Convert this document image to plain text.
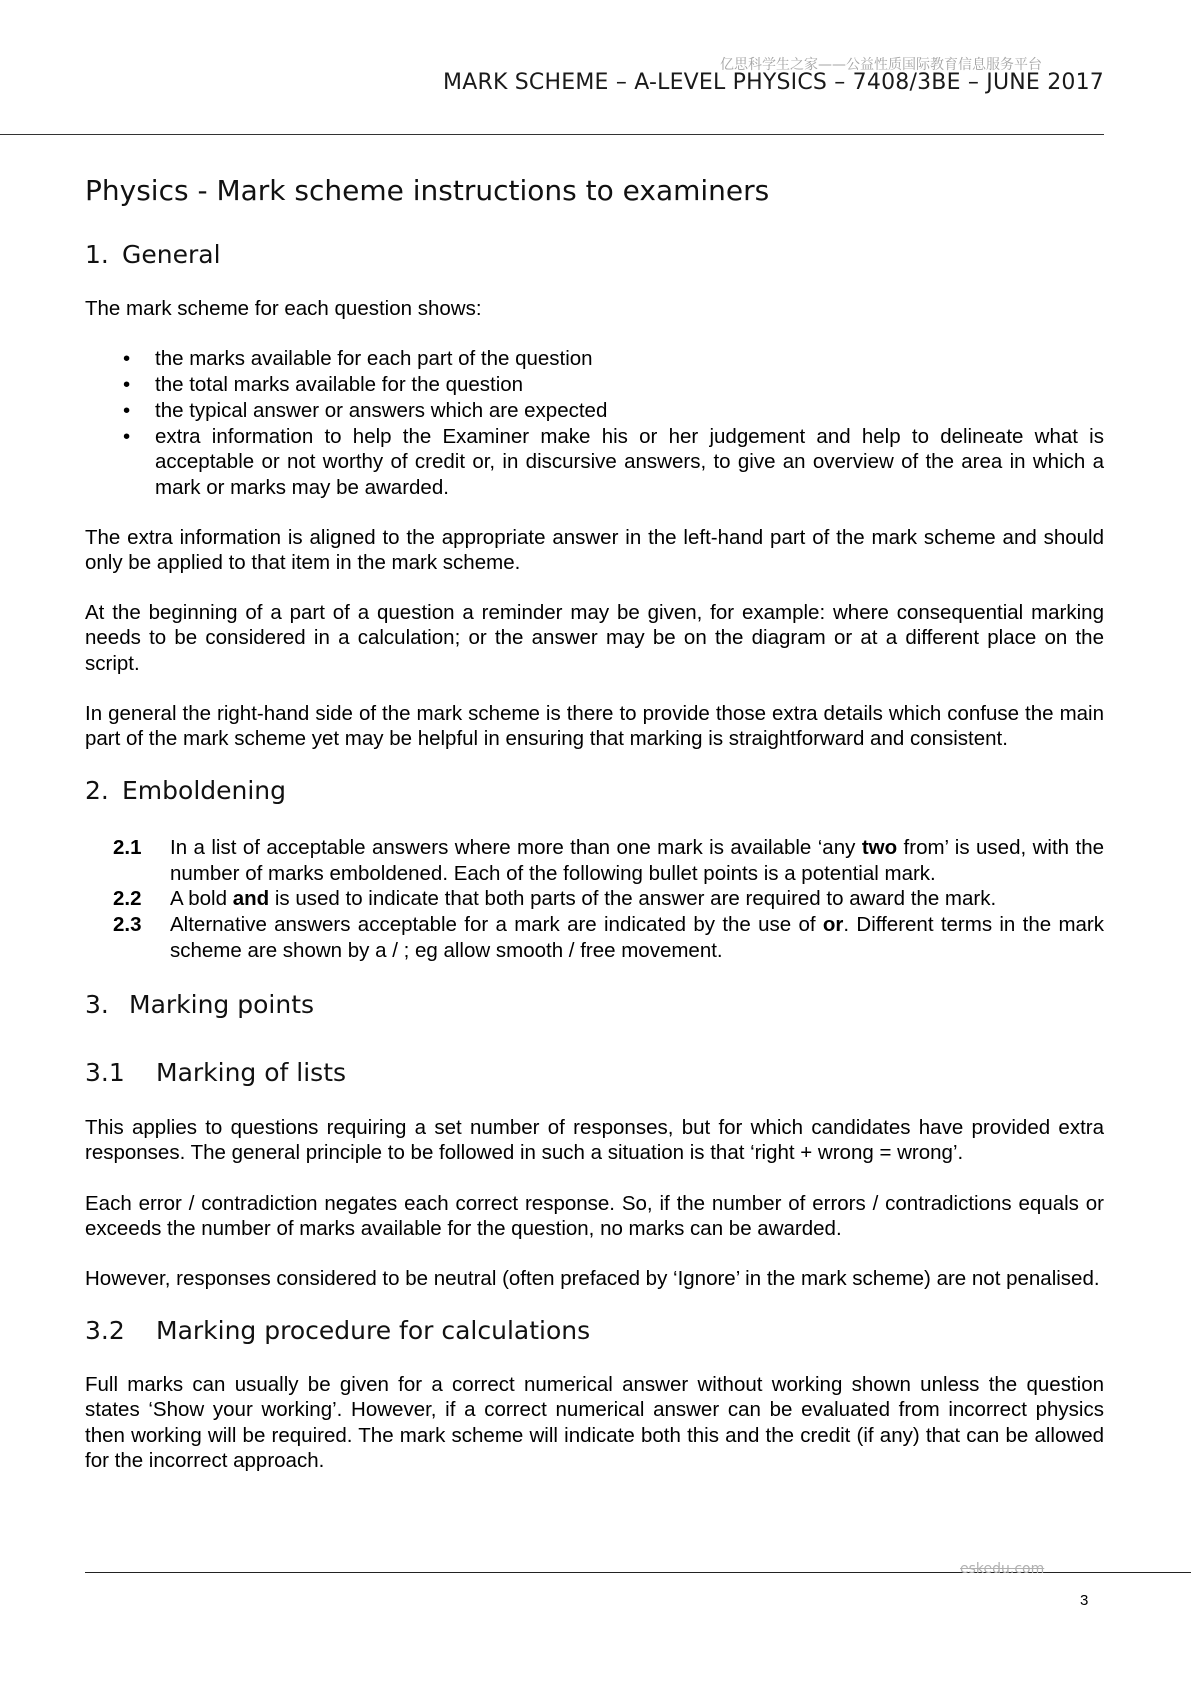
亿思科学生之家——公益性质国际教育信息服务平台
MARK SCHEME – A-LEVEL PHYSICS – 7408/3BE – JUNE 2017
Physics - Mark scheme instructions to examiners
1. General

The mark scheme for each question shows:

• the marks available for each part of the question
• the total marks available for the question
• the typical answer or answers which are expected
• extra information to help the Examiner make his or her judgement and help to delineate what is acceptable or not worthy of credit or, in discursive answers, to give an overview of the area in which a mark or marks may be awarded.

The extra information is aligned to the appropriate answer in the left-hand part of the mark scheme and should only be applied to that item in the mark scheme.

At the beginning of a part of a question a reminder may be given, for example: where consequential marking needs to be considered in a calculation; or the answer may be on the diagram or at a different place on the script.

In general the right-hand side of the mark scheme is there to provide those extra details which confuse the main part of the mark scheme yet may be helpful in ensuring that marking is straightforward and consistent.

2. Emboldening
2.1 In a list of acceptable answers where more than one mark is available ‘any two from’ is used, with the number of marks emboldened. Each of the following bullet points is a potential mark.
2.2 A bold and is used to indicate that both parts of the answer are required to award the mark.
2.3 Alternative answers acceptable for a mark are indicated by the use of or. Different terms in the mark scheme are shown by a / ; eg allow smooth / free movement.
3. Marking points
3.1 Marking of lists

This applies to questions requiring a set number of responses, but for which candidates have provided extra responses. The general principle to be followed in such a situation is that ‘right + wrong = wrong’.

Each error / contradiction negates each correct response. So, if the number of errors / contradictions equals or exceeds the number of marks available for the question, no marks can be awarded.

However, responses considered to be neutral (often prefaced by ‘Ignore’ in the mark scheme) are not penalised.

3.2 Marking procedure for calculations

Full marks can usually be given for a correct numerical answer without working shown unless the question states ‘Show your working’. However, if a correct numerical answer can be evaluated from incorrect physics then working will be required. The mark scheme will indicate both this and the credit (if any) that can be allowed for the incorrect approach.

eskedu.com
3
